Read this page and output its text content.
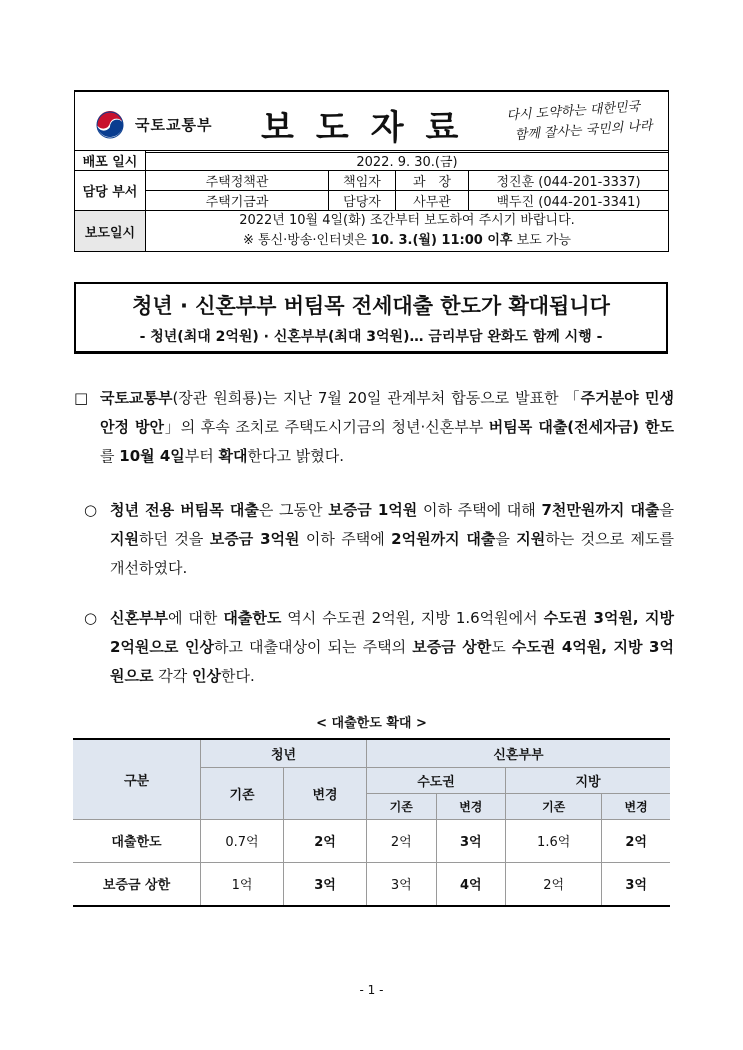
국토교통부 보도자료	다시 도약하는 대한민국
함께 잘사는 국민의 나라
배포 일시	2022. 9. 30.(금)			
담당 부서	주택정책관	책임자	과　장	정진훈 (044-201-3337)
	주택기금과	담당자	사무관	백두진 (044-201-3341)
보도일시	2022년 10월 4일(화) 조간부터 보도하여 주시기 바랍니다.
※ 통신·방송·인터넷은 10. 3.(월) 11:00 이후 보도 가능			
청년 · 신혼부부 버팀목 전세대출 한도가 확대됩니다
- 청년(최대 2억원) · 신혼부부(최대 3억원)… 금리부담 완화도 함께 시행 -
□ 국토교통부(장관 원희룡)는 지난 7월 20일 관계부처 합동으로 발표한 「주거분야 민생안정 방안」의 후속 조치로 주택도시기금의 청년·신혼부부 버팀목 대출(전세자금) 한도를 10월 4일부터 확대한다고 밝혔다.
○ 청년 전용 버팀목 대출은 그동안 보증금 1억원 이하 주택에 대해 7천만원까지 대출을 지원하던 것을 보증금 3억원 이하 주택에 2억원까지 대출을 지원하는 것으로 제도를 개선하였다.
○ 신혼부부에 대한 대출한도 역시 수도권 2억원, 지방 1.6억원에서 수도권 3억원, 지방 2억원으로 인상하고 대출대상이 되는 주택의 보증금 상한도 수도권 4억원, 지방 3억원으로 각각 인상한다.
< 대출한도 확대 >
구분	청년		신혼부부			
	기존	변경	수도권		지방	
			기존	변경	기존	변경
대출한도	0.7억	2억	2억	3억	1.6억	2억
보증금 상한	1억	3억	3억	4억	2억	3억
- 1 -
